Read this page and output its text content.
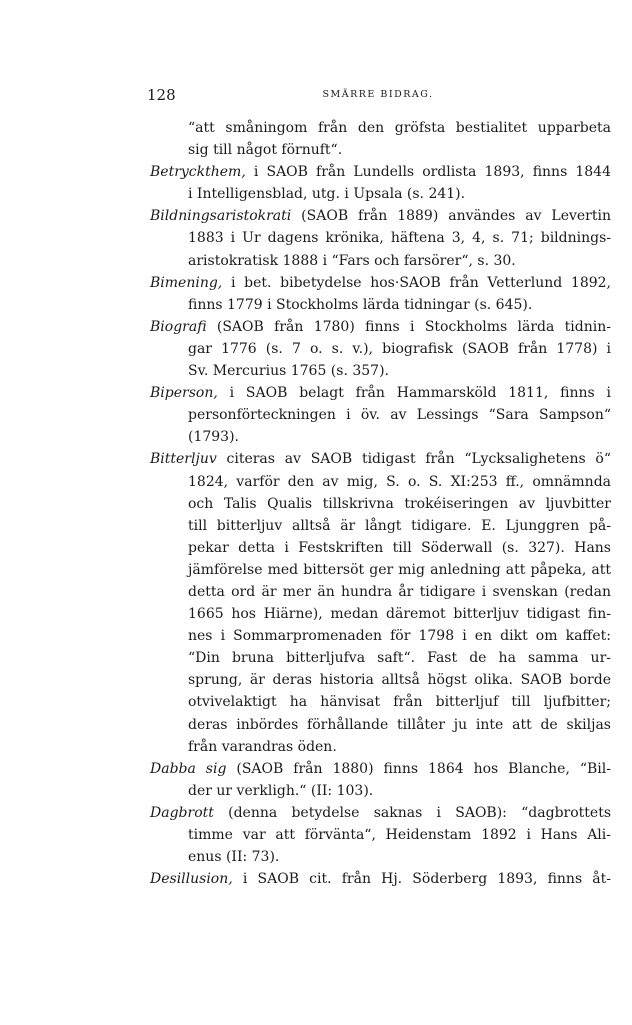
128	SMÄRRE BIDRAG.
“att småningom från den gröfsta bestialitet upparbeta
sig till något förnuft“.
Betrycktheт, i SAOB från Lundells ordlista 1893, finns 1844
i Intelligensblad, utg. i Upsala (s. 241).
Bildningsaristokrati (SAOB från 1889) användes av Levertin
1883 i Ur dagens krönika, häftena 3, 4, s. 71; bildnings-
aristokratisk 1888 i “Fars och farsörer“, s. 30.
Bimening, i bet. bibetydelse hos·SAOB från Vetterlund 1892,
finns 1779 i Stockholms lärda tidningar (s. 645).
Biografi (SAOB från 1780) finns i Stockholms lärda tidnin-
gar 1776 (s. 7 o. s. v.), biografisk (SAOB från 1778) i
Sv. Mercurius 1765 (s. 357).
Biperson, i SAOB belagt från Hammarsköld 1811, finns i
personförteckningen i öv. av Lessings “Sara Sampson“
(1793).
Bitterljuv citeras av SAOB tidigast från “Lycksalighetens ö“
1824, varför den av mig, S. o. S. XI:253 ff., omnämnda
och Talis Qualis tillskrivna trokéiseringen av ljuvbitter
till bitterljuv alltså är långt tidigare. E. Ljunggren på-
pekar detta i Festskriften till Söderwall (s. 327). Hans
jämförelse med bittersöt ger mig anledning att påpeka, att
detta ord är mer än hundra år tidigare i svenskan (redan
1665 hos Hiärne), medan däremot bitterljuv tidigast fin-
nes i Sommarpromenaden för 1798 i en dikt om kaffet:
“Din bruna bitterljufva saft“. Fast de ha samma ur-
sprung, är deras historia alltså högst olika. SAOB borde
otvivelaktigt ha hänvisat från bitterljuf till ljufbitter;
deras inbördes förhållande tillåter ju inte att de skiljas
från varandras öden.
Dabba sig (SAOB från 1880) finns 1864 hos Blanche, “Bil-
der ur verkligh.“ (II: 103).
Dagbrott (denna betydelse saknas i SAOB): “dagbrottets
timme var att förvänta“, Heidenstam 1892 i Hans Ali-
enus (II: 73).
Desillusion, i SAOB cit. från Hj. Söderberg 1893, finns åt-
